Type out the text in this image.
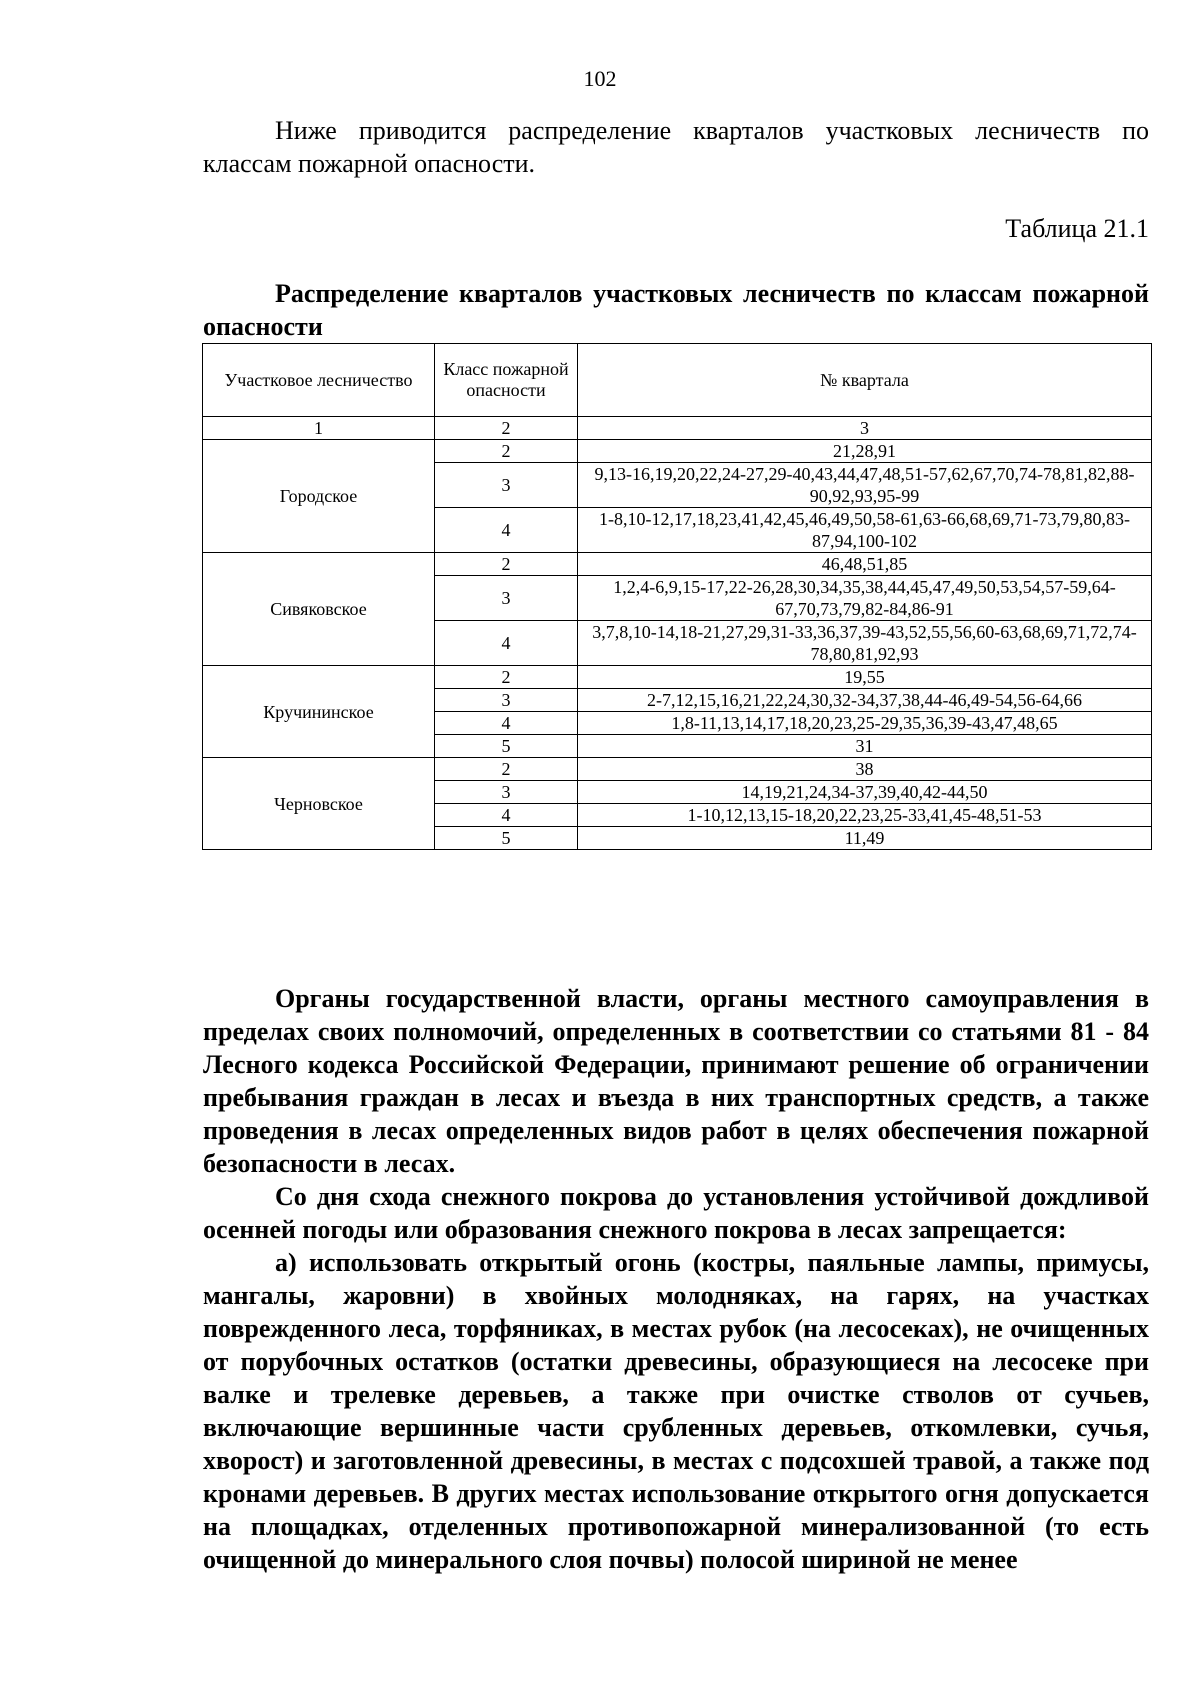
102

Ниже приводится распределение кварталов участковых лесничеств по классам пожарной опасности.

Таблица 21.1

Распределение кварталов участковых лесничеств по классам пожарной опасности

Участковое лесничество	Класс пожарной опасности	№ квартала
1	2	3
Городское	2	21,28,91
	3	9,13-16,19,20,22,24-27,29-40,43,44,47,48,51-57,62,67,70,74-78,81,82,88-90,92,93,95-99
	4	1-8,10-12,17,18,23,41,42,45,46,49,50,58-61,63-66,68,69,71-73,79,80,83-87,94,100-102
Сивяковское	2	46,48,51,85
	3	1,2,4-6,9,15-17,22-26,28,30,34,35,38,44,45,47,49,50,53,54,57-59,64-67,70,73,79,82-84,86-91
	4	3,7,8,10-14,18-21,27,29,31-33,36,37,39-43,52,55,56,60-63,68,69,71,72,74-78,80,81,92,93
Кручининское	2	19,55
	3	2-7,12,15,16,21,22,24,30,32-34,37,38,44-46,49-54,56-64,66
	4	1,8-11,13,14,17,18,20,23,25-29,35,36,39-43,47,48,65
	5	31
Черновское	2	38
	3	14,19,21,24,34-37,39,40,42-44,50
	4	1-10,12,13,15-18,20,22,23,25-33,41,45-48,51-53
	5	11,49

Органы государственной власти, органы местного самоуправления в пределах своих полномочий, определенных в соответствии со статьями 81 - 84 Лесного кодекса Российской Федерации, принимают решение об ограничении пребывания граждан в лесах и въезда в них транспортных средств, а также проведения в лесах определенных видов работ в целях обеспечения пожарной безопасности в лесах.

Со дня схода снежного покрова до установления устойчивой дождливой осенней погоды или образования снежного покрова в лесах запрещается:

а) использовать открытый огонь (костры, паяльные лампы, примусы, мангалы, жаровни) в хвойных молодняках, на гарях, на участках поврежденного леса, торфяниках, в местах рубок (на лесосеках), не очищенных от порубочных остатков (остатки древесины, образующиеся на лесосеке при валке и трелевке деревьев, а также при очистке стволов от сучьев, включающие вершинные части срубленных деревьев, откомлевки, сучья, хворост) и заготовленной древесины, в местах с подсохшей травой, а также под кронами деревьев. В других местах использование открытого огня допускается на площадках, отделенных противопожарной минерализованной (то есть очищенной до минерального слоя почвы) полосой шириной не менее
